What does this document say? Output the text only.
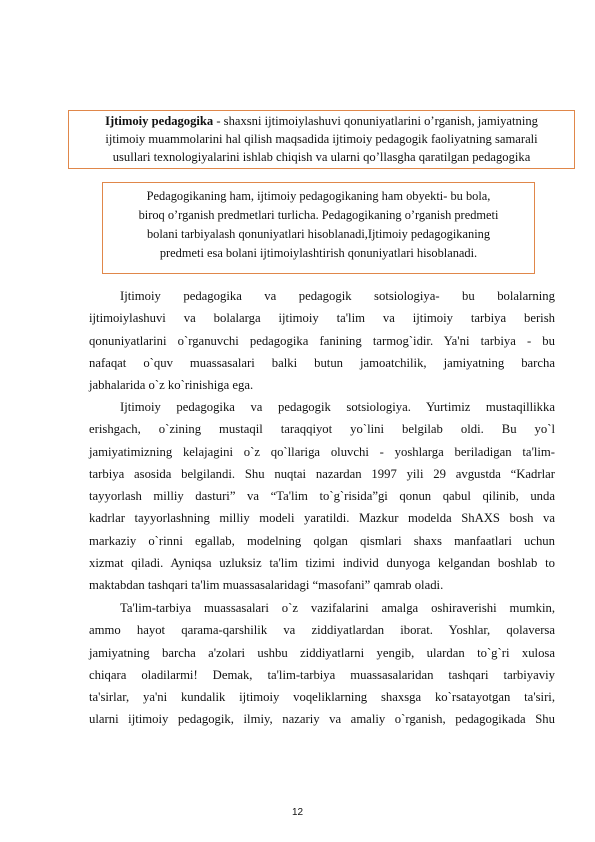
Ijtimoiy pedagogika - shaxsni ijtimoiylashuvi qonuniyatlarini o’rganish, jamiyatning
ijtimoiy muammolarini hal qilish maqsadida ijtimoiy pedagogik faoliyatning samarali
usullari texnologiyalarini ishlab chiqish va ularni qo’llasgha qaratilgan pedagogika
Pedagogikaning ham, ijtimoiy pedagogikaning ham obyekti- bu bola,
biroq o’rganish predmetlari turlicha. Pedagogikaning o’rganish predmeti
bolani tarbiyalash qonuniyatlari hisoblanadi,Ijtimoiy pedagogikaning
predmeti esa bolani ijtimoiylashtirish qonuniyatlari hisoblanadi.
Ijtimoiy pedagogika va pedagogik sotsiologiya- bu bolalarning
ijtimoiylashuvi va bolalarga ijtimoiy ta'lim va ijtimoiy tarbiya berish
qonuniyatlarini o`rganuvchi pedagogika fanining tarmog`idir. Ya'ni tarbiya - bu
nafaqat o`quv muassasalari balki butun jamoatchilik, jamiyatning barcha
jabhalarida o`z ko`rinishiga ega.
Ijtimoiy pedagogika va pedagogik sotsiologiya. Yurtimiz mustaqillikka
erishgach, o`zining mustaqil taraqqiyot yo`lini belgilab oldi. Bu yo`l
jamiyatimizning kelajagini o`z qo`llariga oluvchi - yoshlarga beriladigan ta'lim-
tarbiya asosida belgilandi. Shu nuqtai nazardan 1997 yili 29 avgustda “Kadrlar
tayyorlash milliy dasturi” va “Ta'lim to`g`risida”gi qonun qabul qilinib, unda
kadrlar tayyorlashning milliy modeli yaratildi. Mazkur modelda ShAXS bosh va
markaziy o`rinni egallab, modelning qolgan qismlari shaxs manfaatlari uchun
xizmat qiladi. Ayniqsa uzluksiz ta'lim tizimi individ dunyoga kelgandan boshlab to
maktabdan tashqari ta'lim muassasalaridagi “masofani” qamrab oladi.
Ta'lim-tarbiya muassasalari o`z vazifalarini amalga oshiraverishi mumkin,
ammo hayot qarama-qarshilik va ziddiyatlardan iborat. Yoshlar, qolaversa
jamiyatning barcha a'zolari ushbu ziddiyatlarni yengib, ulardan to`g`ri xulosa
chiqara oladilarmi! Demak, ta'lim-tarbiya muassasalaridan tashqari tarbiyaviy
ta'sirlar, ya'ni kundalik ijtimoiy voqeliklarning shaxsga ko`rsatayotgan ta'siri,
ularni ijtimoiy pedagogik, ilmiy, nazariy va amaliy o`rganish, pedagogikada Shu
12
